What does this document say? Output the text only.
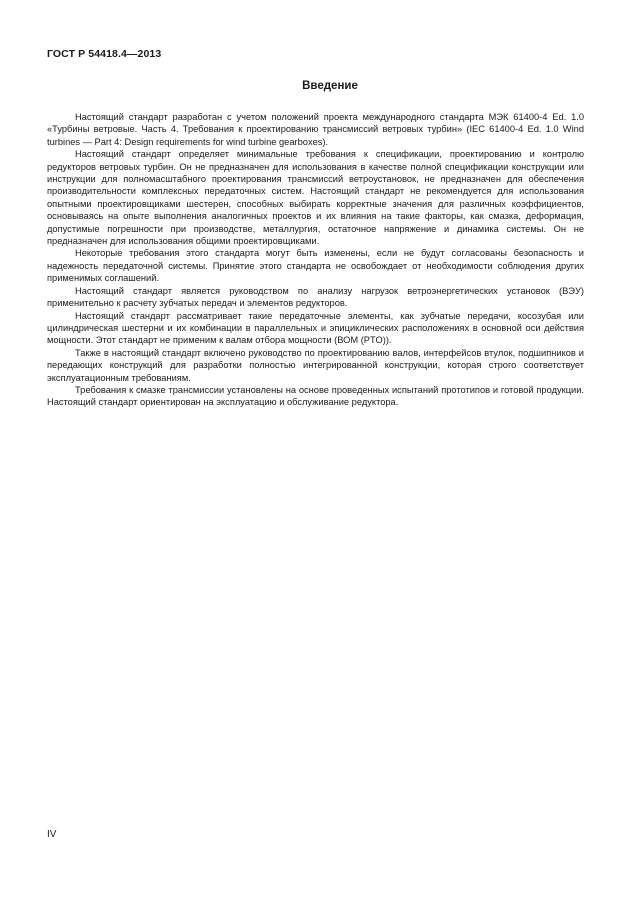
ГОСТ Р 54418.4—2013
Введение

Настоящий стандарт разработан с учетом положений проекта международного стандарта МЭК 61400-4 Ed. 1.0 «Турбины ветровые. Часть 4. Требования к проектированию трансмиссий ветровых турбин» (IEC 61400-4 Ed. 1.0 Wind turbines — Part 4: Design requirements for wind turbine gearboxes).

Настоящий стандарт определяет минимальные требования к спецификации, проектированию и контролю редукторов ветровых турбин. Он не предназначен для использования в качестве полной спецификации конструкции или инструкции для полномасштабного проектирования трансмиссий ветроустановок, не предназначен для обеспечения производительности комплексных передаточных систем. Настоящий стандарт не рекомендуется для использования опытными проектировщиками шестерен, способных выбирать корректные значения для различных коэффициентов, основываясь на опыте выполнения аналогичных проектов и их влияния на такие факторы, как смазка, деформация, допустимые погрешности при производстве, металлургия, остаточное напряжение и динамика системы. Он не предназначен для использования общими проектировщиками.

Некоторые требования этого стандарта могут быть изменены, если не будут согласованы безопасность и надежность передаточной системы. Принятие этого стандарта не освобождает от необходимости соблюдения других применимых соглашений.

Настоящий стандарт является руководством по анализу нагрузок ветроэнергетических установок (ВЭУ) применительно к расчету зубчатых передач и элементов редукторов.

Настоящий стандарт рассматривает такие передаточные элементы, как зубчатые передачи, косозубая или цилиндрическая шестерни и их комбинации в параллельных и эпициклических расположениях в основной оси действия мощности. Этот стандарт не применим к валам отбора мощности (ВОМ (PTO)).

Также в настоящий стандарт включено руководство по проектированию валов, интерфейсов втулок, подшипников и передающих конструкций для разработки полностью интегрированной конструкции, которая строго соответствует эксплуатационным требованиям.

Требования к смазке трансмиссии установлены на основе проведенных испытаний прототипов и готовой продукции. Настоящий стандарт ориентирован на эксплуатацию и обслуживание редуктора.

IV
